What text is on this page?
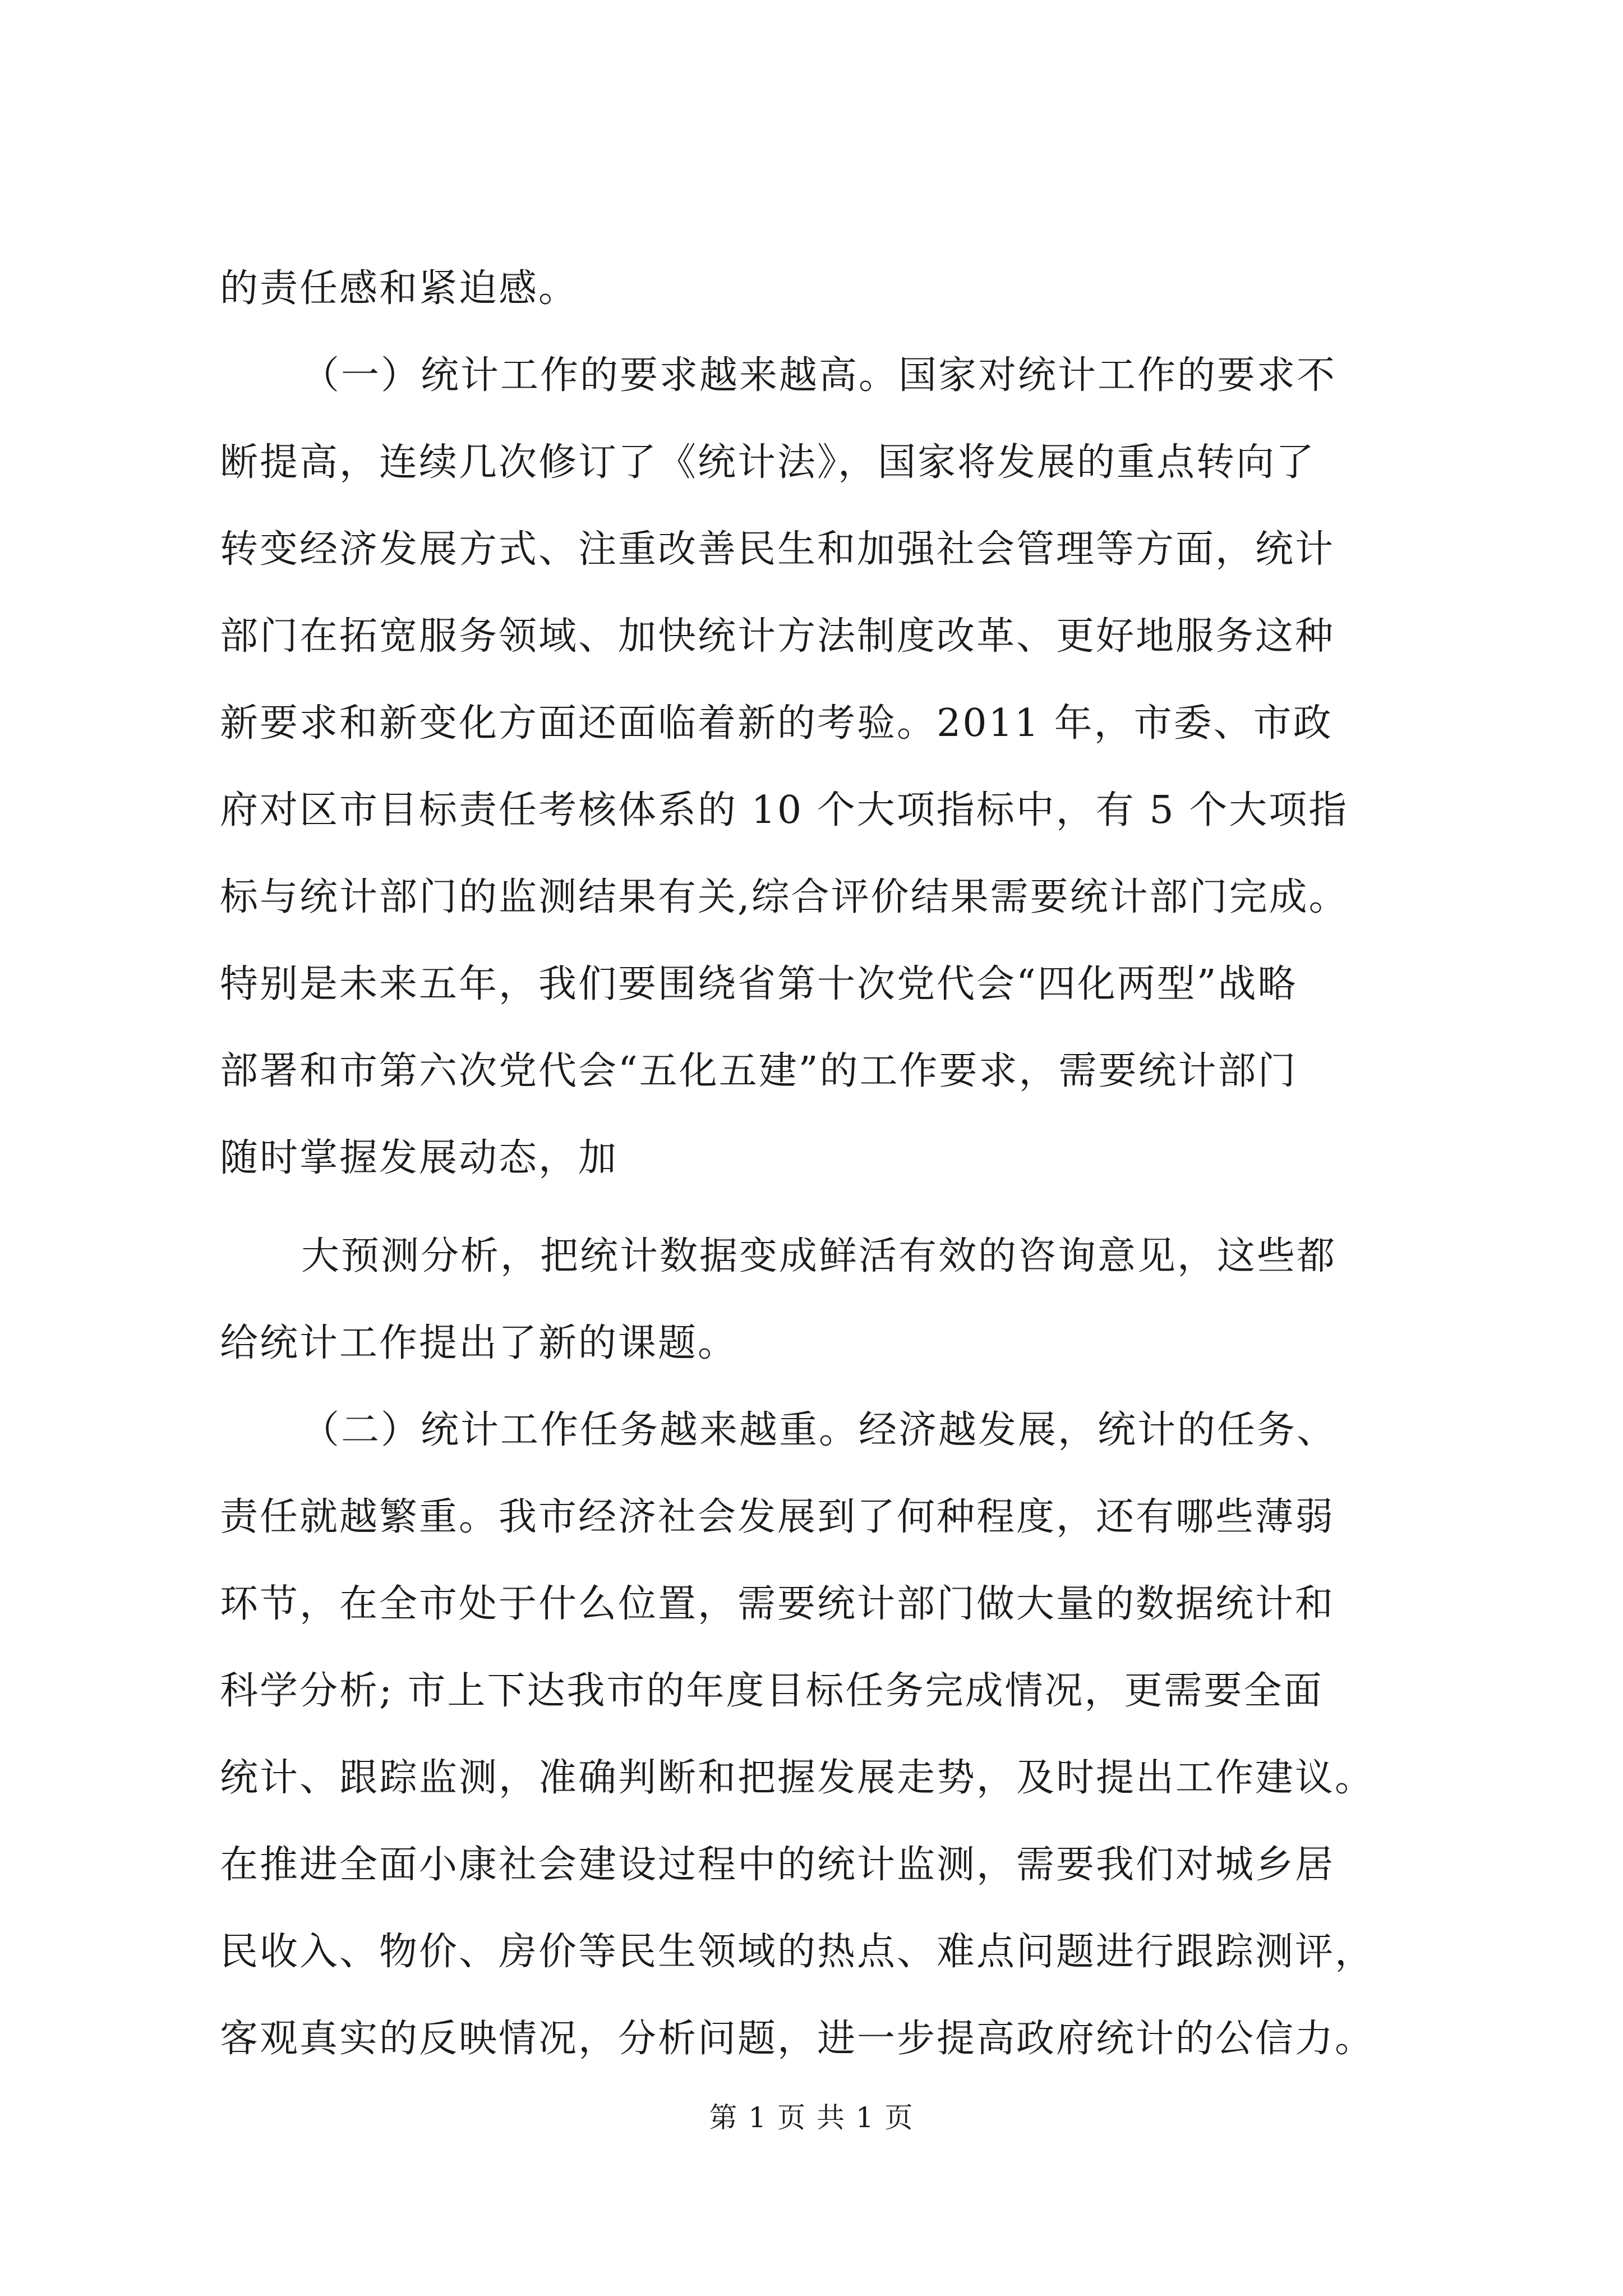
的责任感和紧迫感。
（一）统计工作的要求越来越高。国家对统计工作的要求不
断提高，连续几次修订了《统计法》，国家将发展的重点转向了
转变经济发展方式、注重改善民生和加强社会管理等方面，统计
部门在拓宽服务领域、加快统计方法制度改革、更好地服务这种
新要求和新变化方面还面临着新的考验。2011 年，市委、市政
府对区市目标责任考核体系的 10 个大项指标中，有 5 个大项指
标与统计部门的监测结果有关,综合评价结果需要统计部门完成。
特别是未来五年，我们要围绕省第十次党代会“四化两型”战略
部署和市第六次党代会“五化五建”的工作要求，需要统计部门
随时掌握发展动态，加
大预测分析，把统计数据变成鲜活有效的咨询意见，这些都
给统计工作提出了新的课题。
（二）统计工作任务越来越重。经济越发展，统计的任务、
责任就越繁重。我市经济社会发展到了何种程度，还有哪些薄弱
环节，在全市处于什么位置，需要统计部门做大量的数据统计和
科学分析; 市上下达我市的年度目标任务完成情况，更需要全面
统计、跟踪监测，准确判断和把握发展走势，及时提出工作建议。
在推进全面小康社会建设过程中的统计监测，需要我们对城乡居
民收入、物价、房价等民生领域的热点、难点问题进行跟踪测评，
客观真实的反映情况，分析问题，进一步提高政府统计的公信力。
第 1 页 共 1 页
